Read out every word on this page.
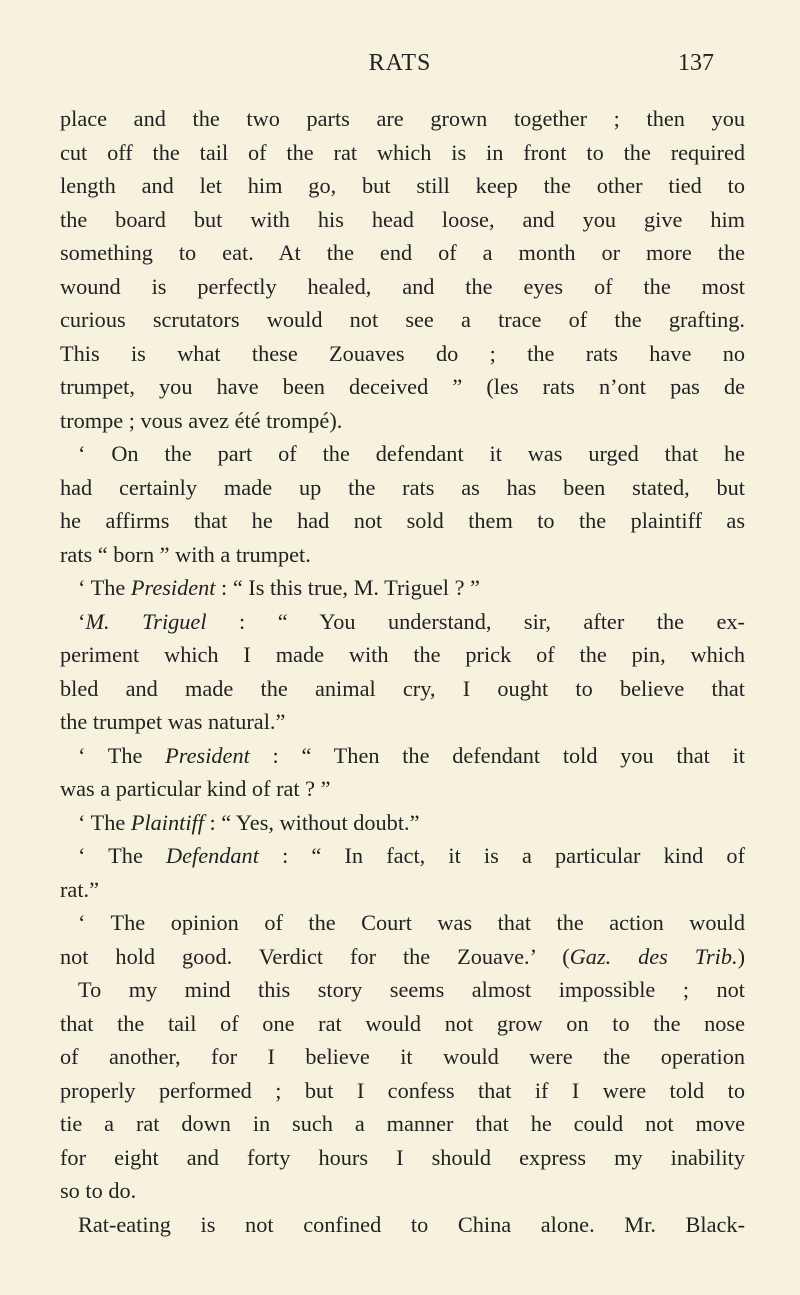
RATS	137
place and the two parts are grown together ; then you
cut off the tail of the rat which is in front to the required
length and let him go, but still keep the other tied to
the board but with his head loose, and you give him
something to eat. At the end of a month or more the
wound is perfectly healed, and the eyes of the most
curious scrutators would not see a trace of the grafting.
This is what these Zouaves do ; the rats have no
trumpet, you have been deceived ” (les rats n’ont pas de
trompe ; vous avez été trompé).
‘ On the part of the defendant it was urged that he
had certainly made up the rats as has been stated, but
he affirms that he had not sold them to the plaintiff as
rats “ born ” with a trumpet.
‘ The President : “ Is this true, M. Triguel ? ”
‘M. Triguel : “ You understand, sir, after the ex-
periment which I made with the prick of the pin, which
bled and made the animal cry, I ought to believe that
the trumpet was natural.”
‘ The President : “ Then the defendant told you that it
was a particular kind of rat ? ”
‘ The Plaintiff : “ Yes, without doubt.”
‘ The Defendant : “ In fact, it is a particular kind of
rat.”
‘ The opinion of the Court was that the action would
not hold good. Verdict for the Zouave.’ (Gaz. des Trib.)
To my mind this story seems almost impossible ; not
that the tail of one rat would not grow on to the nose
of another, for I believe it would were the operation
properly performed ; but I confess that if I were told to
tie a rat down in such a manner that he could not move
for eight and forty hours I should express my inability
so to do.
Rat-eating is not confined to China alone. Mr. Black-
